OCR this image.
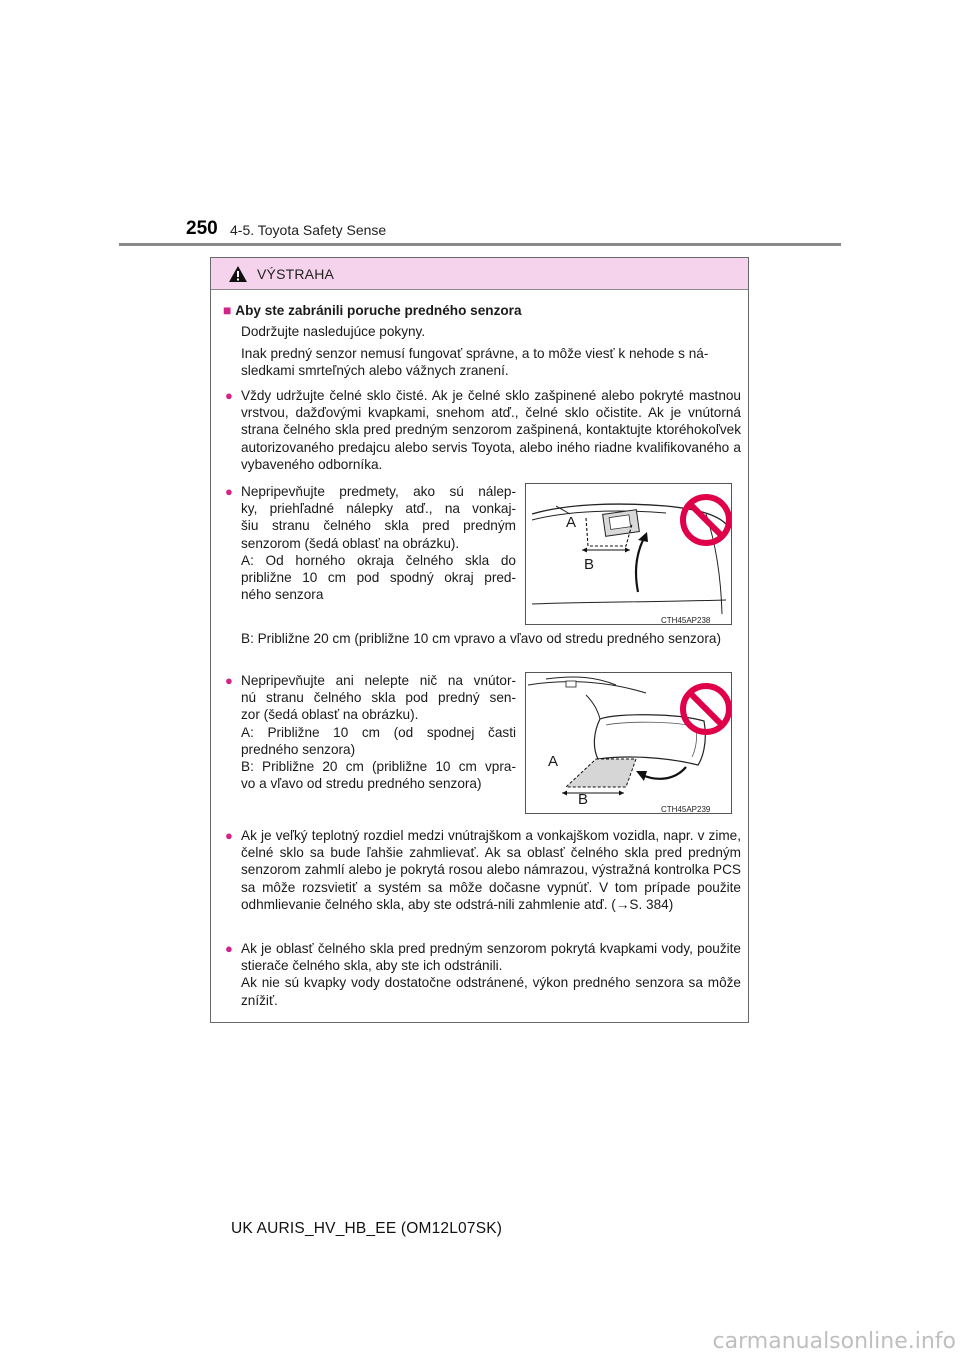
250 4-5. Toyota Safety Sense
VÝSTRAHA
■ Aby ste zabránili poruche predného senzora
Dodržujte nasledujúce pokyny.
Inak predný senzor nemusí fungovať správne, a to môže viesť k nehode s ná-sledkami smrteľných alebo vážnych zranení.
● Vždy udržujte čelné sklo čisté. Ak je čelné sklo zašpinené alebo pokryté mastnou vrstvou, dažďovými kvapkami, snehom atď., čelné sklo očistite. Ak je vnútorná strana čelného skla pred predným senzorom zašpinená, kontaktujte ktoréhokoľvek autorizovaného predajcu alebo servis Toyota, alebo iného riadne kvalifikovaného a vybaveného odborníka.
● Nepripevňujte predmety, ako sú nálep-
ky, priehľadné nálepky atď., na vonkaj-
šiu stranu čelného skla pred predným
senzorom (šedá oblasť na obrázku).
A: Od horného okraja čelného skla do
približne 10 cm pod spodný okraj pred-
ného senzora
A
B
CTH45AP238
B: Približne 20 cm (približne 10 cm vpravo a vľavo od stredu predného senzora)
● Nepripevňujte ani nelepte nič na vnútor-
nú stranu čelného skla pod predný sen-
zor (šedá oblasť na obrázku).
A: Približne 10 cm (od spodnej časti
predného senzora)
B: Približne 20 cm (približne 10 cm vpra-
vo a vľavo od stredu predného senzora)
A
B
CTH45AP239
● Ak je veľký teplotný rozdiel medzi vnútrajškom a vonkajškom vozidla, napr. v zime, čelné sklo sa bude ľahšie zahmlievať. Ak sa oblasť čelného skla pred predným senzorom zahmlí alebo je pokrytá rosou alebo námrazou, výstražná kontrolka PCS sa môže rozsvietiť a systém sa môže dočasne vypnúť. V tom prípade použite odhmlievanie čelného skla, aby ste odstrá-nili zahmlenie atď. (→S. 384)
● Ak je oblasť čelného skla pred predným senzorom pokrytá kvapkami vody, použite stierače čelného skla, aby ste ich odstránili.
Ak nie sú kvapky vody dostatočne odstránené, výkon predného senzora sa môže znížiť.
UK AURIS_HV_HB_EE (OM12L07SK)
carmanualsonline.info
